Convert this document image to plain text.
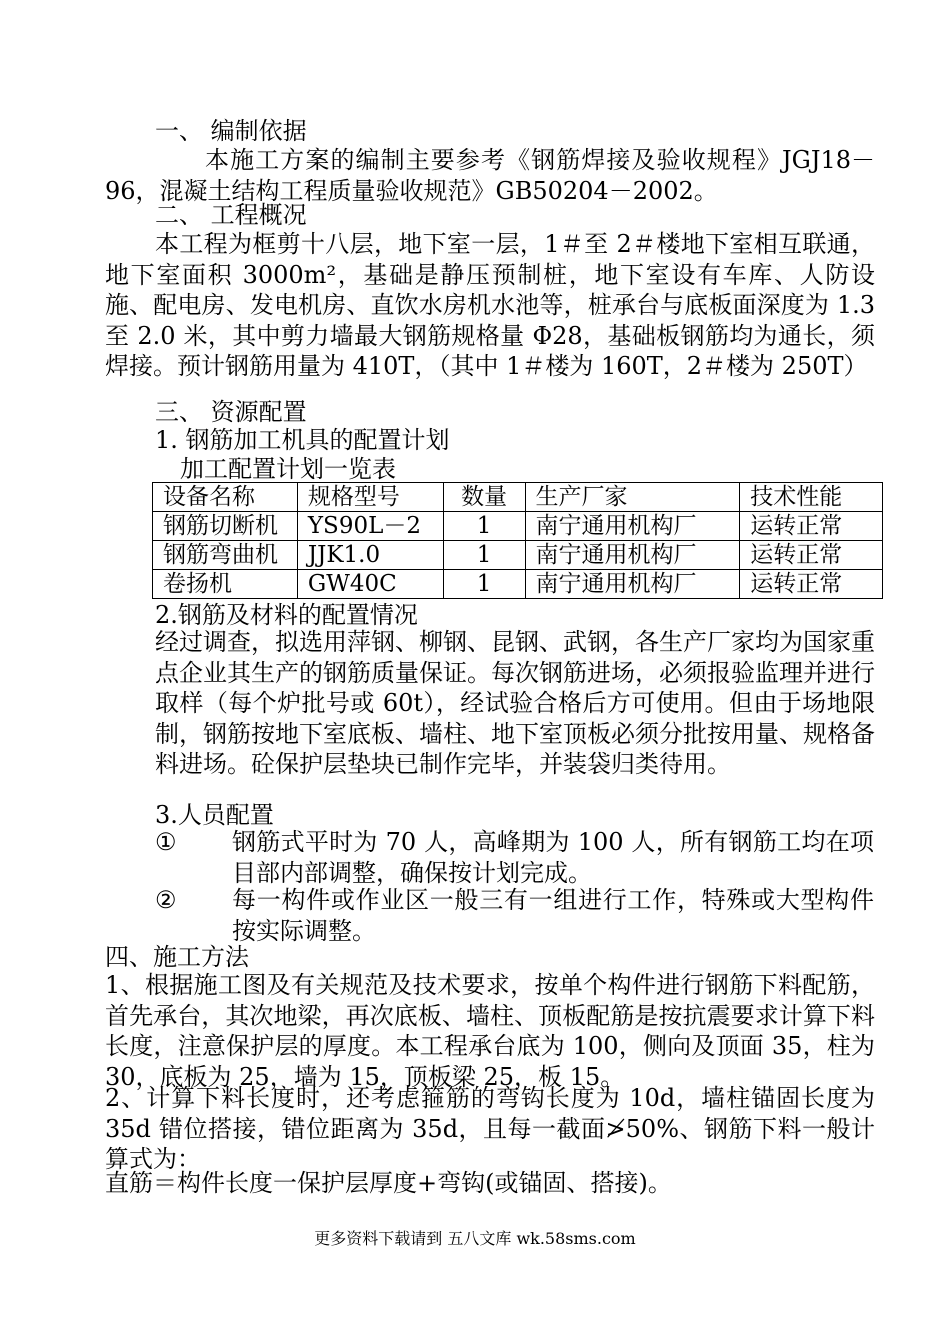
一、 编制依据
本施工方案的编制主要参考《钢筋焊接及验收规程》JGJ18－96，混凝土结构工程质量验收规范》GB50204－2002。
二、 工程概况
本工程为框剪十八层，地下室一层，1＃至 2＃楼地下室相互联通，地下室面积 3000m²，基础是静压预制桩，地下室设有车库、人防设施、配电房、发电机房、直饮水房机水池等，桩承台与底板面深度为 1.3 至 2.0 米，其中剪力墙最大钢筋规格量 Φ28，基础板钢筋均为通长，须焊接。预计钢筋用量为 410T，（其中 1＃楼为 160T，2＃楼为 250T）
三、 资源配置
1. 钢筋加工机具的配置计划
加工配置计划一览表
设备名称	规格型号	数量	生产厂家	技术性能
钢筋切断机	YS90L－2	1	南宁通用机构厂	运转正常
钢筋弯曲机	JJK1.0	1	南宁通用机构厂	运转正常
卷扬机	GW40C	1	南宁通用机构厂	运转正常
2.钢筋及材料的配置情况
经过调查，拟选用萍钢、柳钢、昆钢、武钢，各生产厂家均为国家重点企业其生产的钢筋质量保证。每次钢筋进场，必须报验监理并进行取样（每个炉批号或 60t），经试验合格后方可使用。但由于场地限制，钢筋按地下室底板、墙柱、地下室顶板必须分批按用量、规格备料进场。砼保护层垫块已制作完毕，并装袋归类待用。
3.人员配置
① 钢筋式平时为 70 人，高峰期为 100 人，所有钢筋工均在项目部内部调整，确保按计划完成。
② 每一构件或作业区一般三有一组进行工作，特殊或大型构件按实际调整。
四、施工方法
1、根据施工图及有关规范及技术要求，按单个构件进行钢筋下料配筋，首先承台，其次地梁，再次底板、墙柱、顶板配筋是按抗震要求计算下料长度，注意保护层的厚度。本工程承台底为 100，侧向及顶面 35，柱为 30，底板为 25，墙为 15，顶板梁 25，板 15。
2、计算下料长度时，还考虑箍筋的弯钩长度为 10d，墙柱锚固长度为 35d 错位搭接，错位距离为 35d，且每一截面≯50%、钢筋下料一般计算式为：
直筋＝构件长度一保护层厚度+弯钩(或锚固、搭接)。
更多资料下载请到 五八文库 wk.58sms.com
